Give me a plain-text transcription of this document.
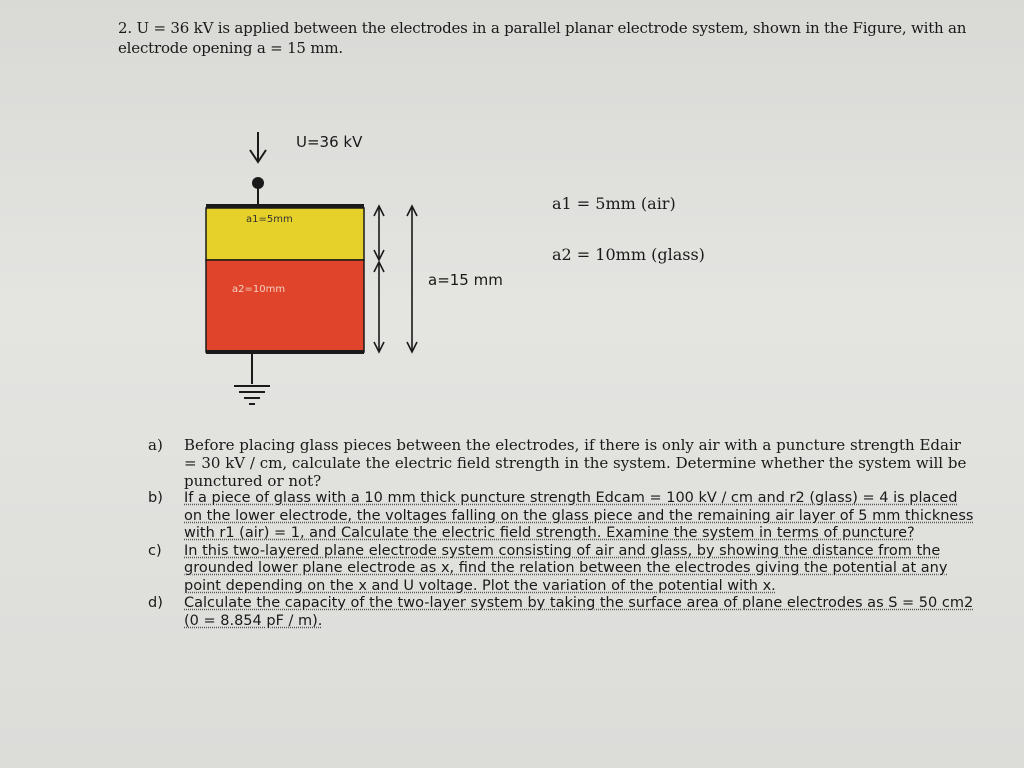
2. U = 36 kV is applied between the electrodes in a parallel planar electrode system, shown in the Figure, with an electrode opening a = 15 mm.
U=36 kV
a1=5mm
a2=10mm
a1 = 5mm (air)
a2 = 10mm (glass)
a=15 mm
a)	Before placing glass pieces between the electrodes, if there is only air with a puncture strength Edair = 30 kV / cm, calculate the electric field strength in the system. Determine whether the system will be punctured or not?
b)	If a piece of glass with a 10 mm thick puncture strength Edcam = 100 kV / cm and r2 (glass) = 4 is placed on the lower electrode, the voltages falling on the glass piece and the remaining air layer of 5 mm thickness with r1 (air) = 1, and Calculate the electric field strength. Examine the system in terms of puncture?
c)	In this two-layered plane electrode system consisting of air and glass, by showing the distance from the grounded lower plane electrode as x, find the relation between the electrodes giving the potential at any point depending on the x and U voltage. Plot the variation of the potential with x.
d)	Calculate the capacity of the two-layer system by taking the surface area of plane electrodes as S = 50 cm2 (0 = 8.854 pF / m).
